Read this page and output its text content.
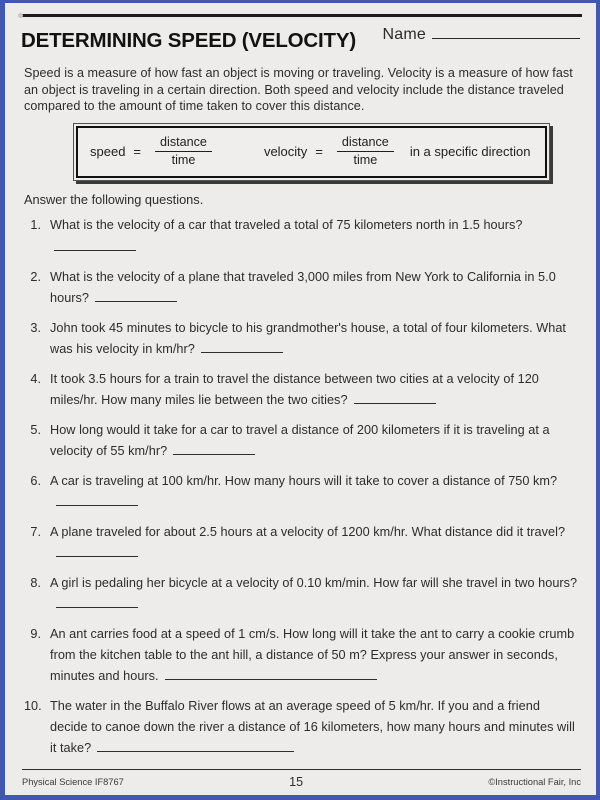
DETERMINING SPEED (VELOCITY) Name
Speed is a measure of how fast an object is moving or traveling. Velocity is a measure of how fast an object is traveling in a certain direction. Both speed and velocity include the distance traveled compared to the amount of time taken to cover this distance.
speed = $\frac{\text{distance}}{\text{time}}$	velocity = $\frac{\text{distance}}{\text{time}}$ in a specific direction
Answer the following questions.
1. What is the velocity of a car that traveled a total of 75 kilometers north in 1.5 hours?
2. What is the velocity of a plane that traveled 3,000 miles from New York to California in 5.0 hours?
3. John took 45 minutes to bicycle to his grandmother's house, a total of four kilometers. What was his velocity in km/hr?
4. It took 3.5 hours for a train to travel the distance between two cities at a velocity of 120 miles/hr. How many miles lie between the two cities?
5. How long would it take for a car to travel a distance of 200 kilometers if it is traveling at a velocity of 55 km/hr?
6. A car is traveling at 100 km/hr. How many hours will it take to cover a distance of 750 km?
7. A plane traveled for about 2.5 hours at a velocity of 1200 km/hr. What distance did it travel?
8. A girl is pedaling her bicycle at a velocity of 0.10 km/min. How far will she travel in two hours?
9. An ant carries food at a speed of 1 cm/s. How long will it take the ant to carry a cookie crumb from the kitchen table to the ant hill, a distance of 50 m? Express your answer in seconds, minutes and hours.
10. The water in the Buffalo River flows at an average speed of 5 km/hr. If you and a friend decide to canoe down the river a distance of 16 kilometers, how many hours and minutes will it take?
Physical Science IF8767	15	©Instructional Fair, Inc
